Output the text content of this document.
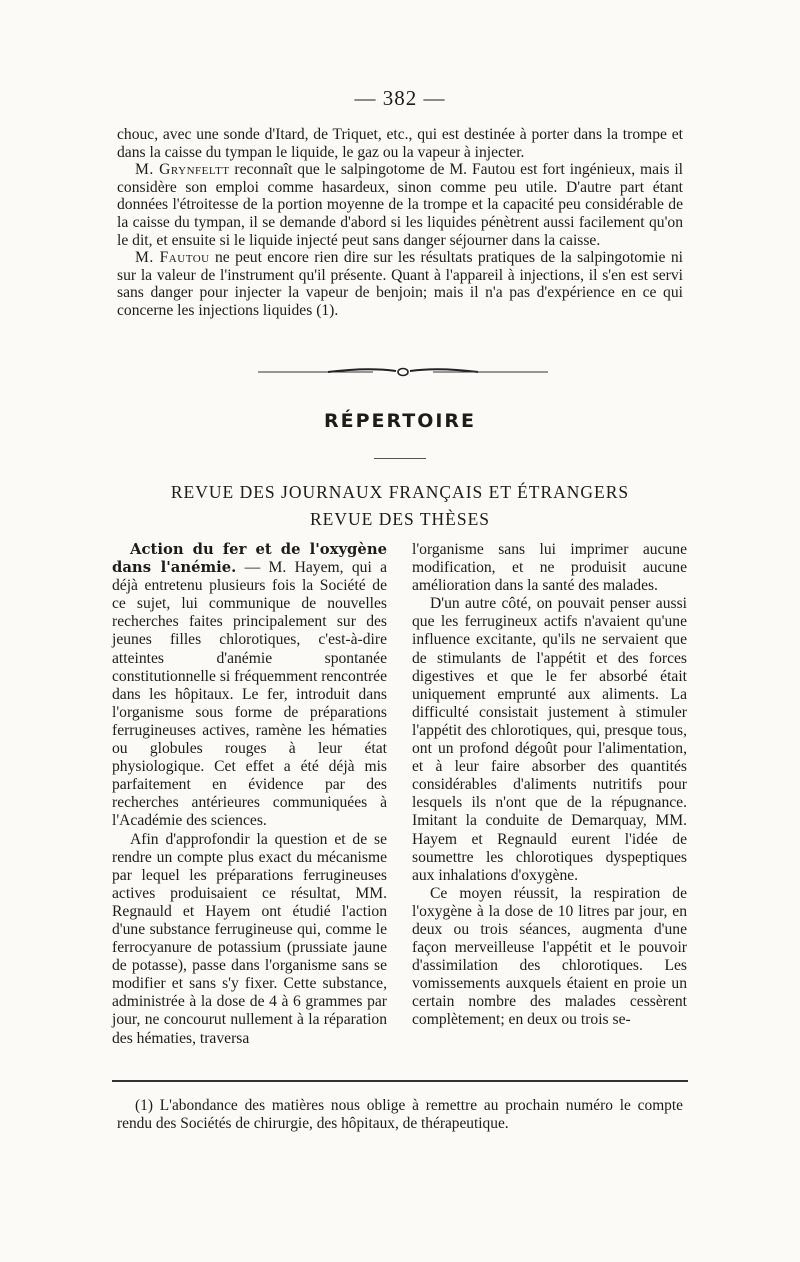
— 382 —

chouc, avec une sonde d'Itard, de Triquet, etc., qui est destinée à porter dans la trompe et dans la caisse du tympan le liquide, le gaz ou la vapeur à injecter.

M. Grynfeltt reconnaît que le salpingotome de M. Fautou est fort ingénieux, mais il considère son emploi comme hasardeux, sinon comme peu utile. D'autre part étant données l'étroitesse de la portion moyenne de la trompe et la capacité peu considérable de la caisse du tympan, il se demande d'abord si les liquides pénètrent aussi facilement qu'on le dit, et ensuite si le liquide injecté peut sans danger séjourner dans la caisse.

M. Fautou ne peut encore rien dire sur les résultats pratiques de la salpingotomie ni sur la valeur de l'instrument qu'il présente. Quant à l'appareil à injections, il s'en est servi sans danger pour injecter la vapeur de benjoin; mais il n'a pas d'expérience en ce qui concerne les injections liquides (1).

RÉPERTOIRE
REVUE DES JOURNAUX FRANÇAIS ET ÉTRANGERS
REVUE DES THÈSES

Action du fer et de l'oxygène dans l'anémie. — M. Hayem, qui a déjà entretenu plusieurs fois la Société de ce sujet, lui communique de nouvelles recherches faites principalement sur des jeunes filles chlorotiques, c'est-à-dire atteintes d'anémie spontanée constitutionnelle si fréquemment rencontrée dans les hôpitaux. Le fer, introduit dans l'organisme sous forme de préparations ferrugineuses actives, ramène les hématies ou globules rouges à leur état physiologique. Cet effet a été déjà mis parfaitement en évidence par des recherches antérieures communiquées à l'Académie des sciences.

Afin d'approfondir la question et de se rendre un compte plus exact du mécanisme par lequel les préparations ferrugineuses actives produisaient ce résultat, MM. Regnauld et Hayem ont étudié l'action d'une substance ferrugineuse qui, comme le ferrocyanure de potassium (prussiate jaune de potasse), passe dans l'organisme sans se modifier et sans s'y fixer. Cette substance, administrée à la dose de 4 à 6 grammes par jour, ne concourut nullement à la réparation des hématies, traversa

l'organisme sans lui imprimer aucune modification, et ne produisit aucune amélioration dans la santé des malades.

D'un autre côté, on pouvait penser aussi que les ferrugineux actifs n'avaient qu'une influence excitante, qu'ils ne servaient que de stimulants de l'appétit et des forces digestives et que le fer absorbé était uniquement emprunté aux aliments. La difficulté consistait justement à stimuler l'appétit des chlorotiques, qui, presque tous, ont un profond dégoût pour l'alimentation, et à leur faire absorber des quantités considérables d'aliments nutritifs pour lesquels ils n'ont que de la répugnance. Imitant la conduite de Demarquay, MM. Hayem et Regnauld eurent l'idée de soumettre les chlorotiques dyspeptiques aux inhalations d'oxygène.

Ce moyen réussit, la respiration de l'oxygène à la dose de 10 litres par jour, en deux ou trois séances, augmenta d'une façon merveilleuse l'appétit et le pouvoir d'assimilation des chlorotiques. Les vomissements auxquels étaient en proie un certain nombre des malades cessèrent complètement; en deux ou trois se-

(1) L'abondance des matières nous oblige à remettre au prochain numéro le compte rendu des Sociétés de chirurgie, des hôpitaux, de thérapeutique.
